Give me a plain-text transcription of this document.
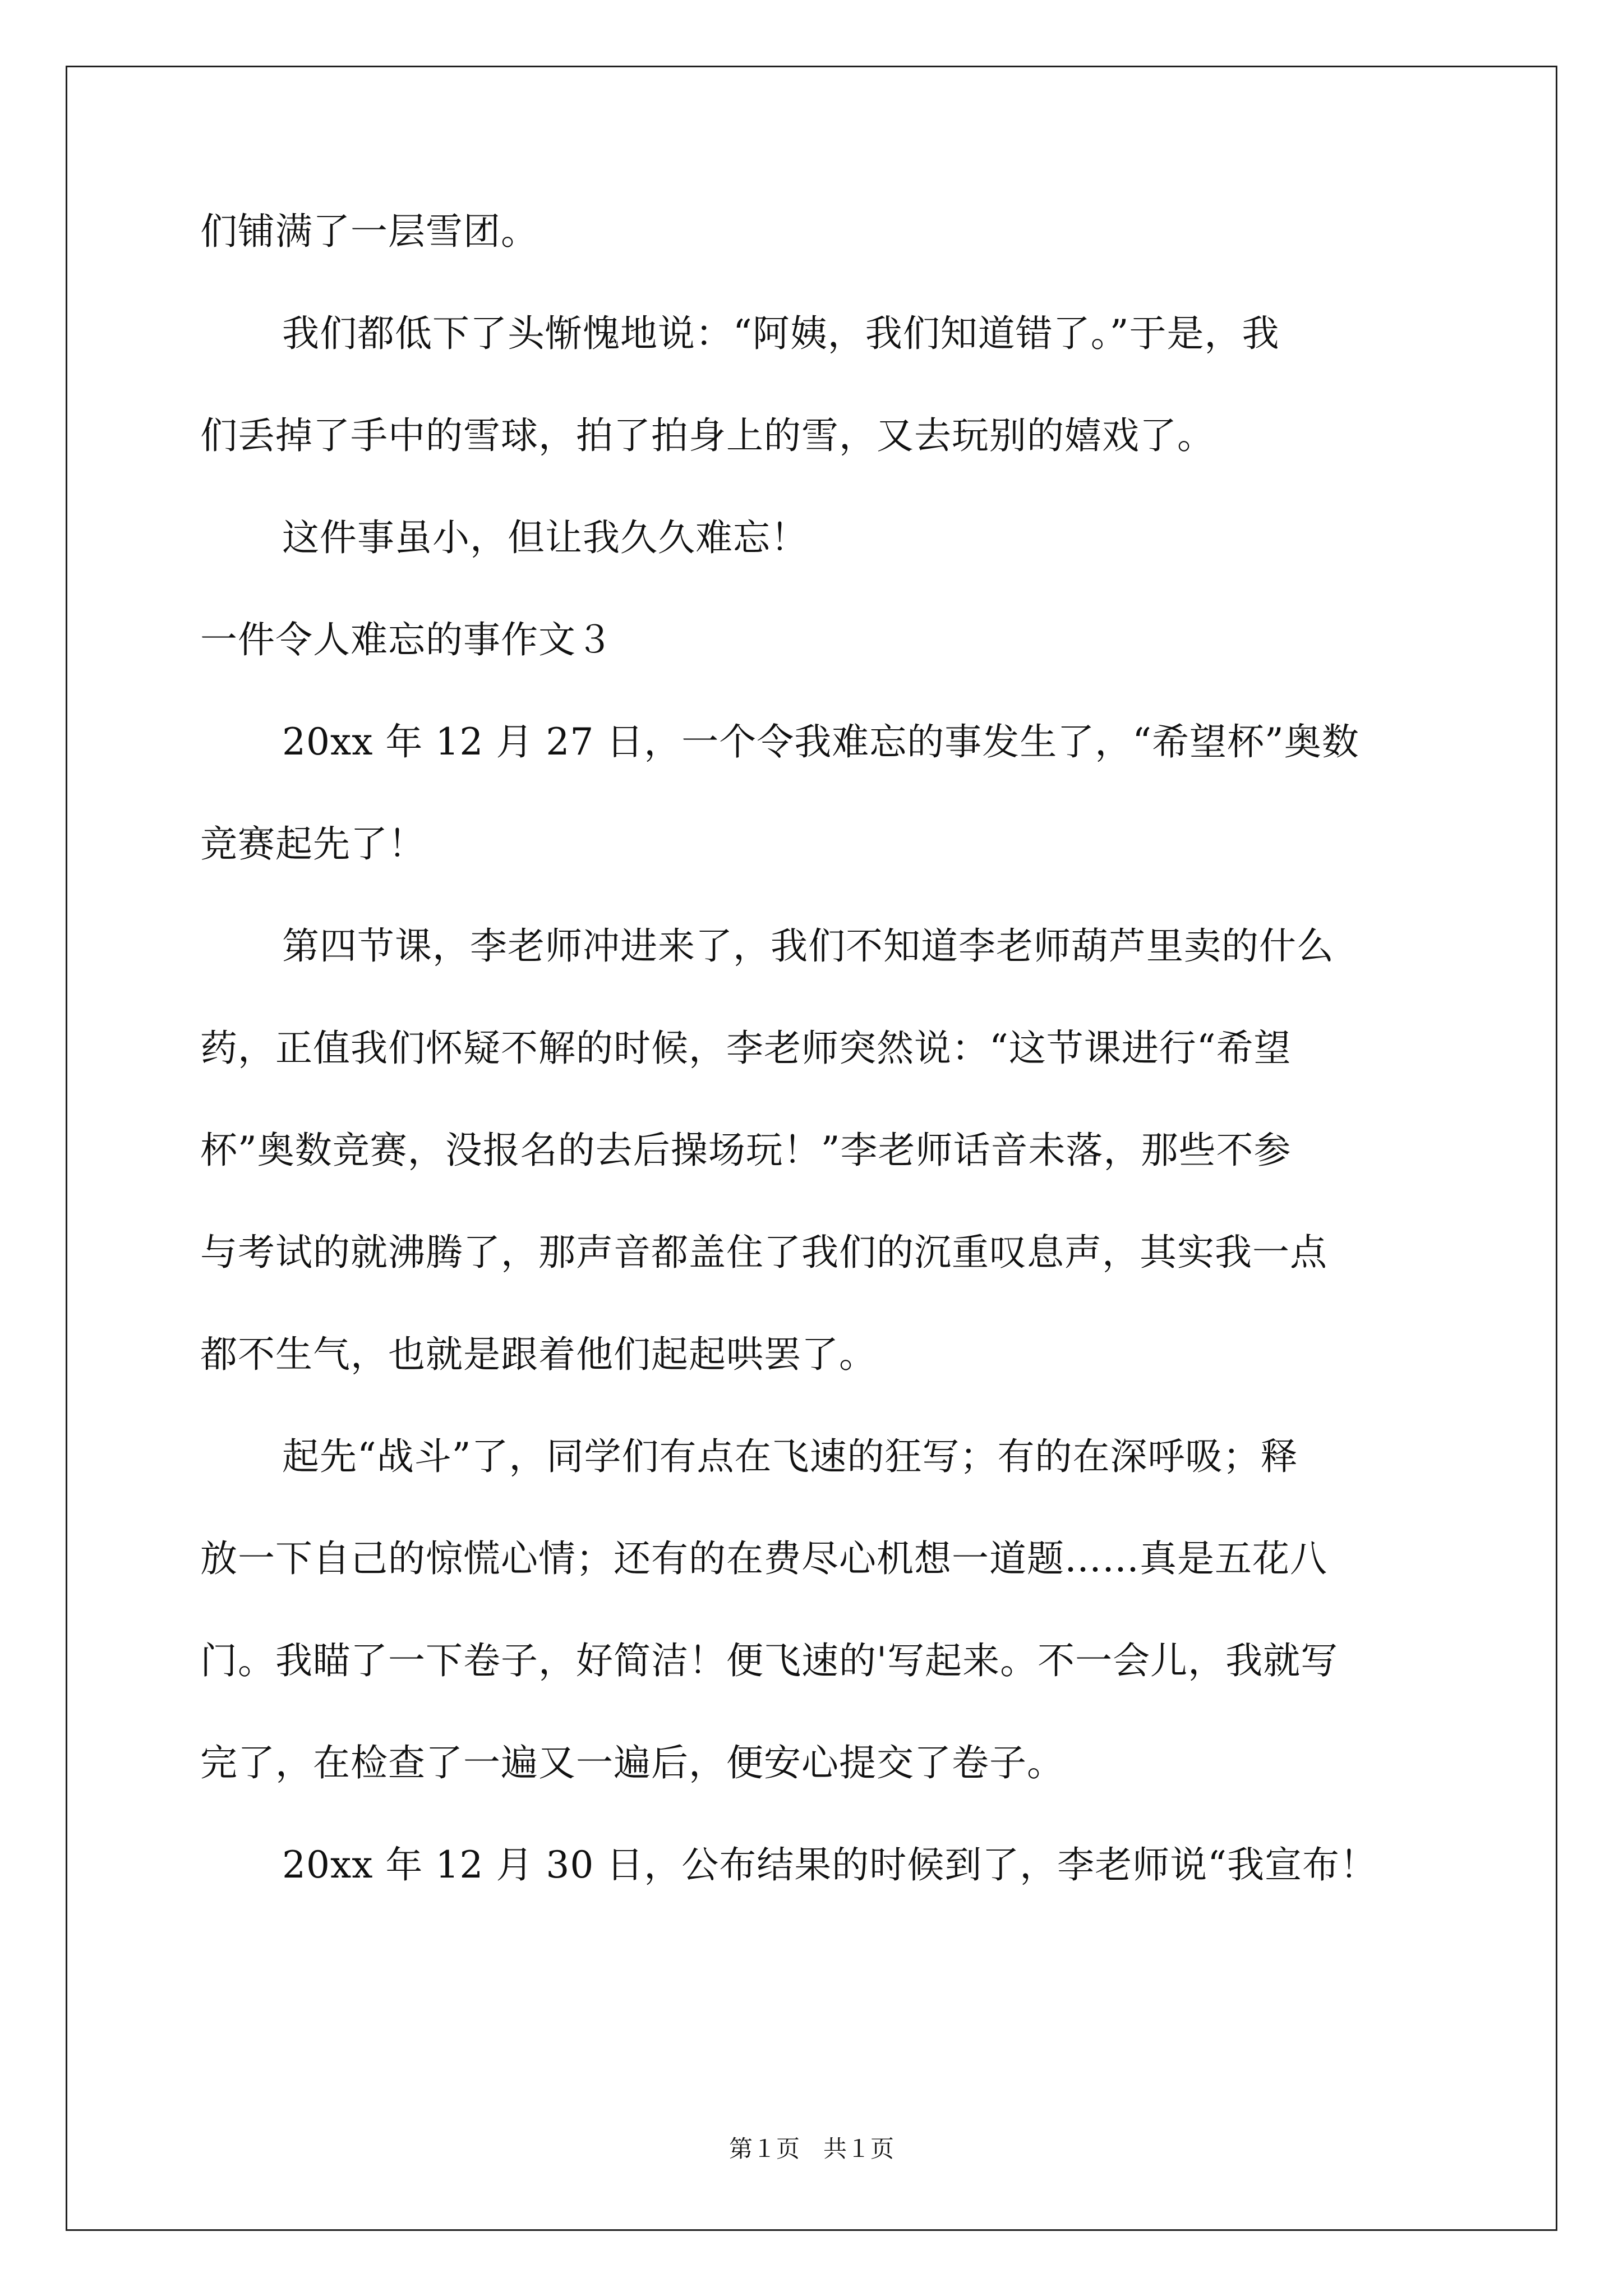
们铺满了一层雪团。
我们都低下了头惭愧地说：“阿姨，我们知道错了。”于是，我
们丢掉了手中的雪球，拍了拍身上的雪，又去玩别的嬉戏了。
这件事虽小，但让我久久难忘！
一件令人难忘的事作文３
20xx 年 12 月 27 日，一个令我难忘的事发生了，“希望杯”奥数
竞赛起先了！
第四节课，李老师冲进来了，我们不知道李老师葫芦里卖的什么
药，正值我们怀疑不解的时候，李老师突然说：“这节课进行“希望
杯”奥数竞赛，没报名的去后操场玩！”李老师话音未落，那些不参
与考试的就沸腾了，那声音都盖住了我们的沉重叹息声，其实我一点
都不生气，也就是跟着他们起起哄罢了。
起先“战斗”了，同学们有点在飞速的狂写；有的在深呼吸；释
放一下自己的惊慌心情；还有的在费尽心机想一道题……真是五花八
门。我瞄了一下卷子，好简洁！便飞速的'写起来。不一会儿，我就写
完了，在检查了一遍又一遍后，便安心提交了卷子。
20xx 年 12 月 30 日，公布结果的时候到了，李老师说“我宣布！
第１页　共１页
